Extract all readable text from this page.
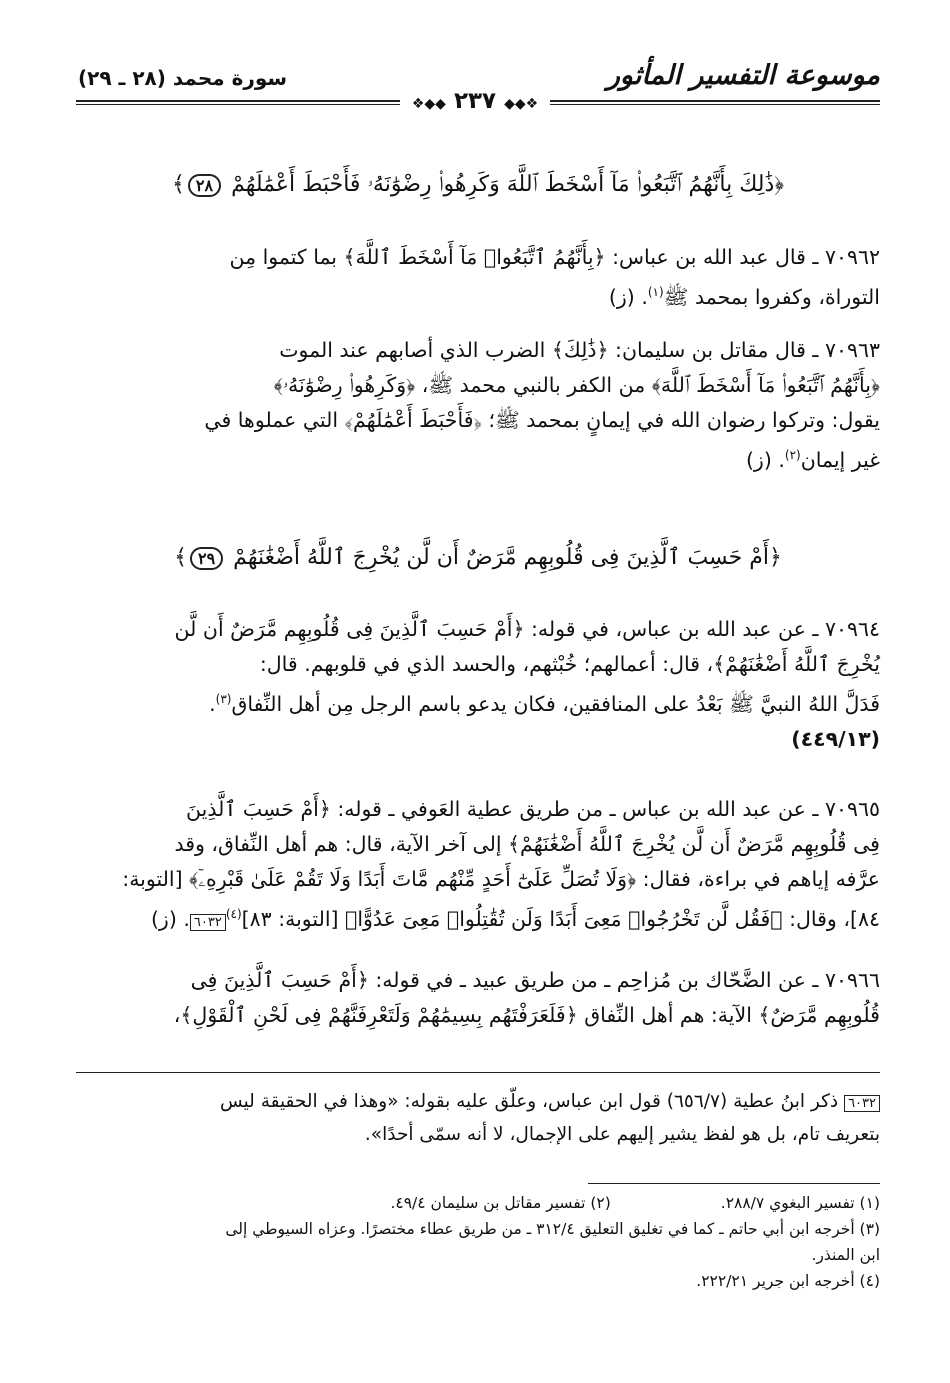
سورة محمد (٢٨ ـ ٢٩)	موسوعة التفسير المأثور
❖◆◆ ٢٣٧ ◆◆❖
﴿ذَٰلِكَ بِأَنَّهُمُ ٱتَّبَعُوا۟ مَآ أَسْخَطَ ٱللَّهَ وَكَرِهُوا۟ رِضْوَٰنَهُۥ فَأَحْبَطَ أَعْمَٰلَهُمْ ٢٨﴾
٧٠٩٦٢ ـ قال عبد الله بن عباس: ﴿بِأَنَّهُمُ ٱتَّبَعُوا۟ مَآ أَسْخَطَ ٱللَّهَ﴾ بما كتموا مِن
التوراة، وكفروا بمحمد ﷺ$^{(١)}$. (ز)
٧٠٩٦٣ ـ قال مقاتل بن سليمان: ﴿ذَٰلِكَ﴾ الضرب الذي أصابهم عند الموت
﴿بِأَنَّهُمُ ٱتَّبَعُوا۟ مَآ أَسْخَطَ ٱللَّهَ﴾ من الكفر بالنبي محمد ﷺ، ﴿وَكَرِهُوا۟ رِضْوَٰنَهُۥ﴾
يقول: وتركوا رضوان الله في إيمانٍ بمحمد ﷺ؛ ﴿فَأَحْبَطَ أَعْمَٰلَهُمْ﴾ التي عملوها في
غير إيمان$^{(٢)}$. (ز)
﴿أَمْ حَسِبَ ٱلَّذِينَ فِى قُلُوبِهِم مَّرَضٌ أَن لَّن يُخْرِجَ ٱللَّهُ أَضْغَٰنَهُمْ ٢٩﴾
٧٠٩٦٤ ـ عن عبد الله بن عباس، في قوله: ﴿أَمْ حَسِبَ ٱلَّذِينَ فِى قُلُوبِهِم مَّرَضٌ أَن لَّن
يُخْرِجَ ٱللَّهُ أَضْغَٰنَهُمْ﴾، قال: أعمالهم؛ خُبْثهم، والحسد الذي في قلوبهم. قال:
فَدَلَّ اللهُ النبيَّ ﷺ بَعْدُ على المنافقين، فكان يدعو باسم الرجل مِن أهل النِّفاق$^{(٣)}$.
(٤٤٩/١٣)
٧٠٩٦٥ ـ عن عبد الله بن عباس ـ من طريق عطية العَوفي ـ قوله: ﴿أَمْ حَسِبَ ٱلَّذِينَ
فِى قُلُوبِهِم مَّرَضٌ أَن لَّن يُخْرِجَ ٱللَّهُ أَضْغَٰنَهُمْ﴾ إلى آخر الآية، قال: هم أهل النِّفاق، وقد
عرَّفه إياهم في براءة، فقال: ﴿وَلَا تُصَلِّ عَلَىٰٓ أَحَدٍ مِّنْهُم مَّاتَ أَبَدًا وَلَا تَقُمْ عَلَىٰ قَبْرِهِۦٓ﴾ [التوبة:
٨٤]، وقال: ﴿فَقُل لَّن تَخْرُجُوا۟ مَعِىَ أَبَدًا وَلَن تُقَٰتِلُوا۟ مَعِىَ عَدُوًّا﴾ [التوبة: ٨٣]$^{(٤)}$٦٠٣٢. (ز)
٧٠٩٦٦ ـ عن الضَّحّاك بن مُزاحِم ـ من طريق عبيد ـ في قوله: ﴿أَمْ حَسِبَ ٱلَّذِينَ فِى
قُلُوبِهِم مَّرَضٌ﴾ الآية: هم أهل النِّفاق ﴿فَلَعَرَفْتَهُم بِسِيمَٰهُمْ وَلَتَعْرِفَنَّهُمْ فِى لَحْنِ ٱلْقَوْلِ﴾،
٦٠٣٢ ذكر ابنُ عطية (٦٥٦/٧) قول ابن عباس، وعلّق عليه بقوله: «وهذا في الحقيقة ليس
بتعريف تام، بل هو لفظ يشير إليهم على الإجمال، لا أنه سمّى أحدًا».
(١) تفسير البغوي ٢٨٨/٧.(٢) تفسير مقاتل بن سليمان ٤٩/٤.
(٣) أخرجه ابن أبي حاتم ـ كما في تغليق التعليق ٣١٢/٤ ـ من طريق عطاء مختصرًا. وعزاه السيوطي إلى
ابن المنذر.
(٤) أخرجه ابن جرير ٢٢٢/٢١.
